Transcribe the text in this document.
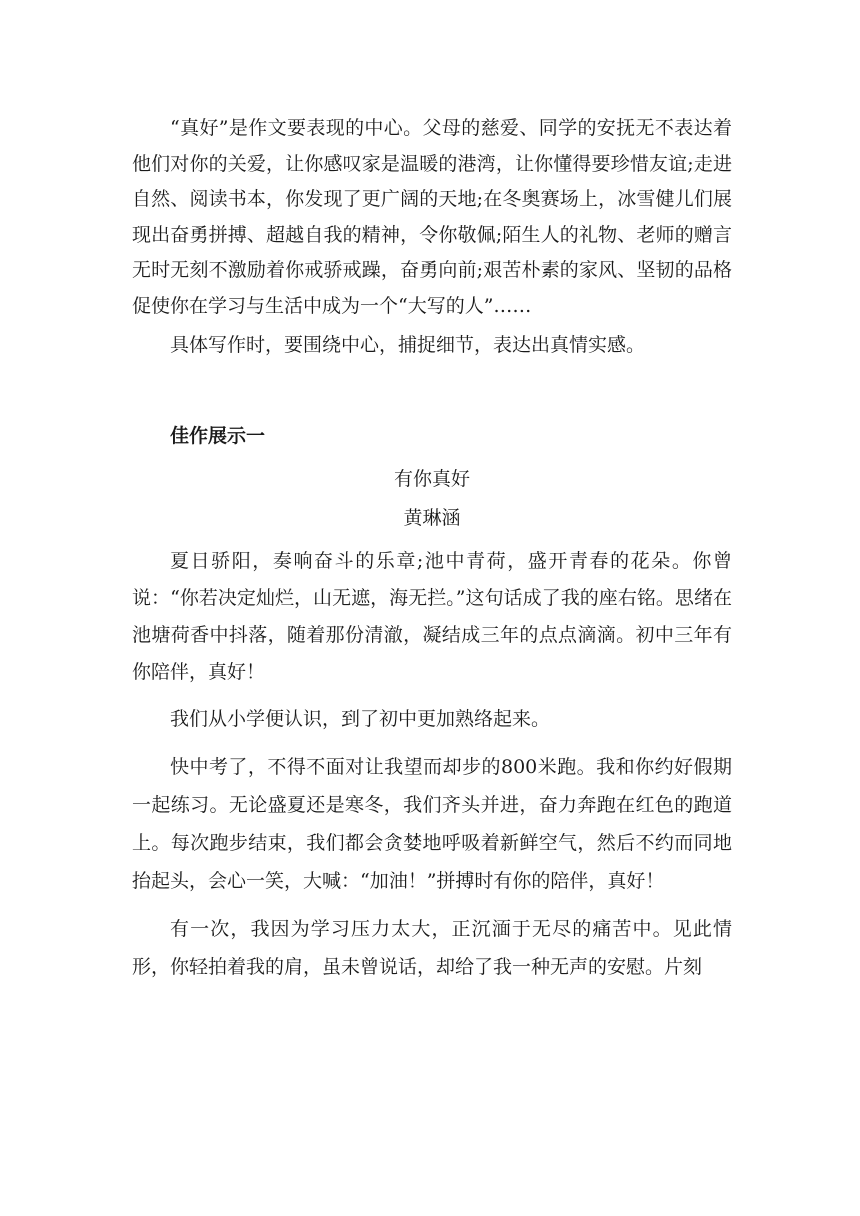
“真好”是作文要表现的中心。父母的慈爱、同学的安抚无不表达着他们对你的关爱，让你感叹家是温暖的港湾，让你懂得要珍惜友谊;走进自然、阅读书本，你发现了更广阔的天地;在冬奥赛场上，冰雪健儿们展现出奋勇拼搏、超越自我的精神，令你敬佩;陌生人的礼物、老师的赠言无时无刻不激励着你戒骄戒躁，奋勇向前;艰苦朴素的家风、坚韧的品格促使你在学习与生活中成为一个“大写的人”……

具体写作时，要围绕中心，捕捉细节，表达出真情实感。

佳作展示一

有你真好

黄琳涵

夏日骄阳，奏响奋斗的乐章;池中青荷，盛开青春的花朵。你曾说：“你若决定灿烂，山无遮，海无拦。”这句话成了我的座右铭。思绪在池塘荷香中抖落，随着那份清澈，凝结成三年的点点滴滴。初中三年有你陪伴，真好！

我们从小学便认识，到了初中更加熟络起来。

快中考了，不得不面对让我望而却步的800米跑。我和你约好假期一起练习。无论盛夏还是寒冬，我们齐头并进，奋力奔跑在红色的跑道上。每次跑步结束，我们都会贪婪地呼吸着新鲜空气，然后不约而同地抬起头，会心一笑，大喊：“加油！”拼搏时有你的陪伴，真好！

有一次，我因为学习压力太大，正沉湎于无尽的痛苦中。见此情形，你轻拍着我的肩，虽未曾说话，却给了我一种无声的安慰。片刻
